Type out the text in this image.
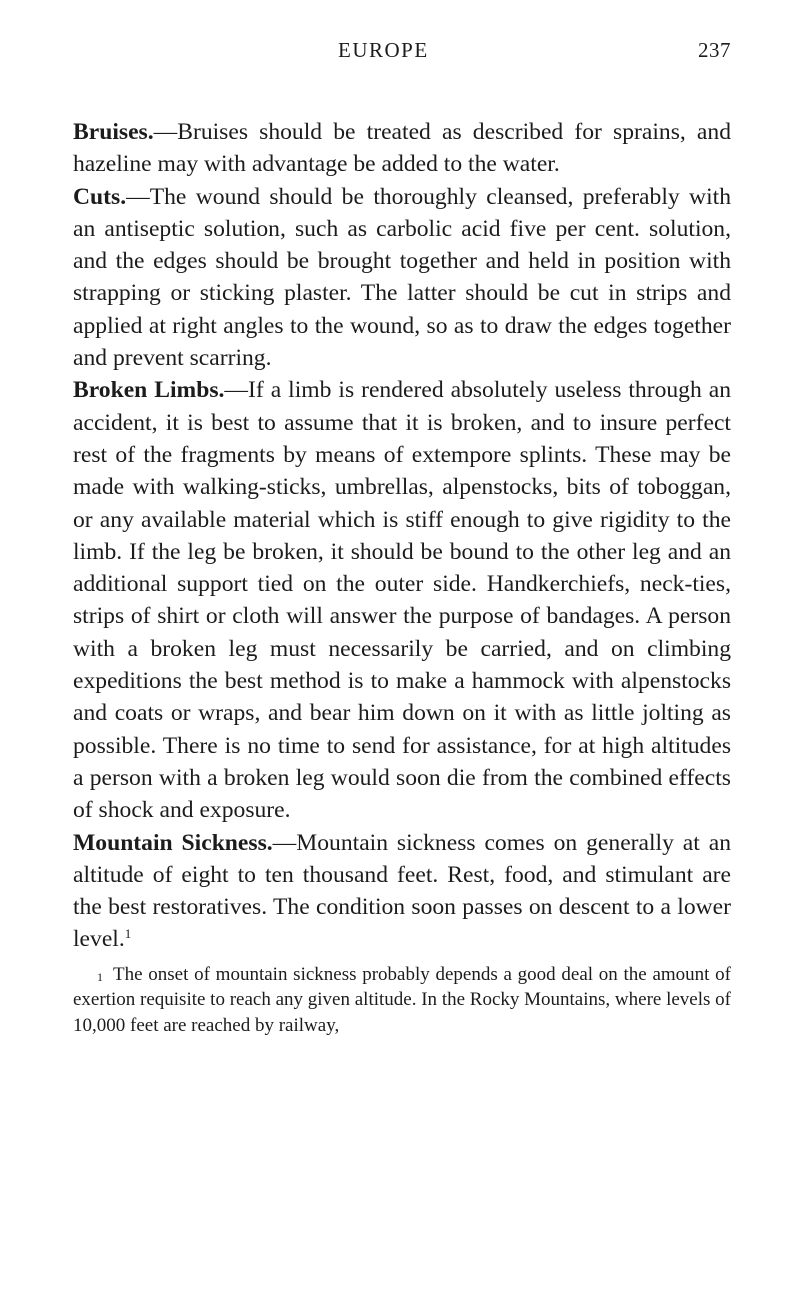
EUROPE	237

Bruises.—Bruises should be treated as described for sprains, and hazeline may with advantage be added to the water.

Cuts.—The wound should be thoroughly cleansed, preferably with an antiseptic solution, such as carbolic acid five per cent. solution, and the edges should be brought together and held in position with strapping or sticking plaster. The latter should be cut in strips and applied at right angles to the wound, so as to draw the edges together and prevent scarring.

Broken Limbs.—If a limb is rendered absolutely useless through an accident, it is best to assume that it is broken, and to insure perfect rest of the fragments by means of extempore splints. These may be made with walking-sticks, umbrellas, alpenstocks, bits of toboggan, or any available material which is stiff enough to give rigidity to the limb. If the leg be broken, it should be bound to the other leg and an additional support tied on the outer side. Handkerchiefs, neck-ties, strips of shirt or cloth will answer the purpose of bandages. A person with a broken leg must necessarily be carried, and on climbing expeditions the best method is to make a hammock with alpenstocks and coats or wraps, and bear him down on it with as little jolting as possible. There is no time to send for assistance, for at high altitudes a person with a broken leg would soon die from the combined effects of shock and exposure.

Mountain Sickness.—Mountain sickness comes on generally at an altitude of eight to ten thousand feet. Rest, food, and stimulant are the best restoratives. The condition soon passes on descent to a lower level.$^1$

$^1$ The onset of mountain sickness probably depends a good deal on the amount of exertion requisite to reach any given altitude. In the Rocky Mountains, where levels of 10,000 feet are reached by railway,
